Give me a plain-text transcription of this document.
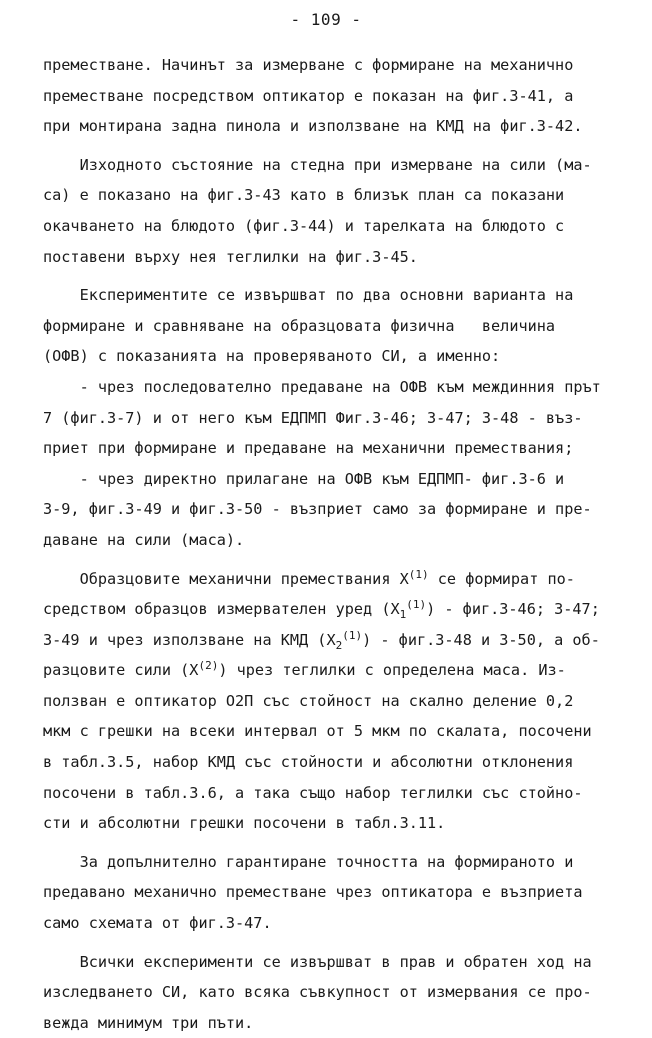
- 109 -
преместване. Начинът за измерване с формиране на механично
преместване посредством оптикатор е показан на фиг.3-41, а
при монтирана задна пинола и използване на КМД на фиг.3-42.
Изходното състояние на стедна при измерване на сили (ма-
са) е показано на фиг.3-43 като в близък план са показани
окачването на блюдото (фиг.3-44) и тарелката на блюдото с
поставени върху нея теглилки на фиг.3-45.
Експериментите се извършват по два основни варианта на
формиране и сравняване на образцовата физична   величина
(ОФВ) с показанията на проверяваното СИ, а именно:
- чрез последователно предаване на ОФВ към междинния прът
7 (фиг.3-7) и от него към ЕДПМП Фиг.3-46; 3-47; 3-48 - въз-
приет при формиране и предаване на механични премествания;
- чрез директно прилагане на ОФВ към ЕДПМП- фиг.3-6 и
3-9, фиг.3-49 и фиг.3-50 - възприет само за формиране и пре-
даване на сили (маса).
Образцовите механични премествания $X^{(1)}$ се формират по-
средством образцов измервателен уред $(X_1^{(1)}) - фиг.3-46$; 3-47;
3-49 и чрез използване на КМД $(X_2^{(1)}) - фиг.3-48$ и 3-50, а об-
разцовите сили $(X^{(2)})$ чрез теглилки с определена маса. Из-
ползван е оптикатор О2П със стойност на скално деление 0,2
мкм с грешки на всеки интервал от 5 мкм по скалата, посочени
в табл.3.5, набор КМД със стойности и абсолютни отклонения
посочени в табл.3.6, а така също набор теглилки със стойно-
сти и абсолютни грешки посочени в табл.3.11.
За допълнително гарантиране точността на формираното и
предавано механично преместване чрез оптикатора е възприета
само схемата от фиг.3-47.
Всички експерименти се извършват в прав и обратен ход на
изследването СИ, като всяка съвкупност от измервания се про-
вежда минимум три пъти.
